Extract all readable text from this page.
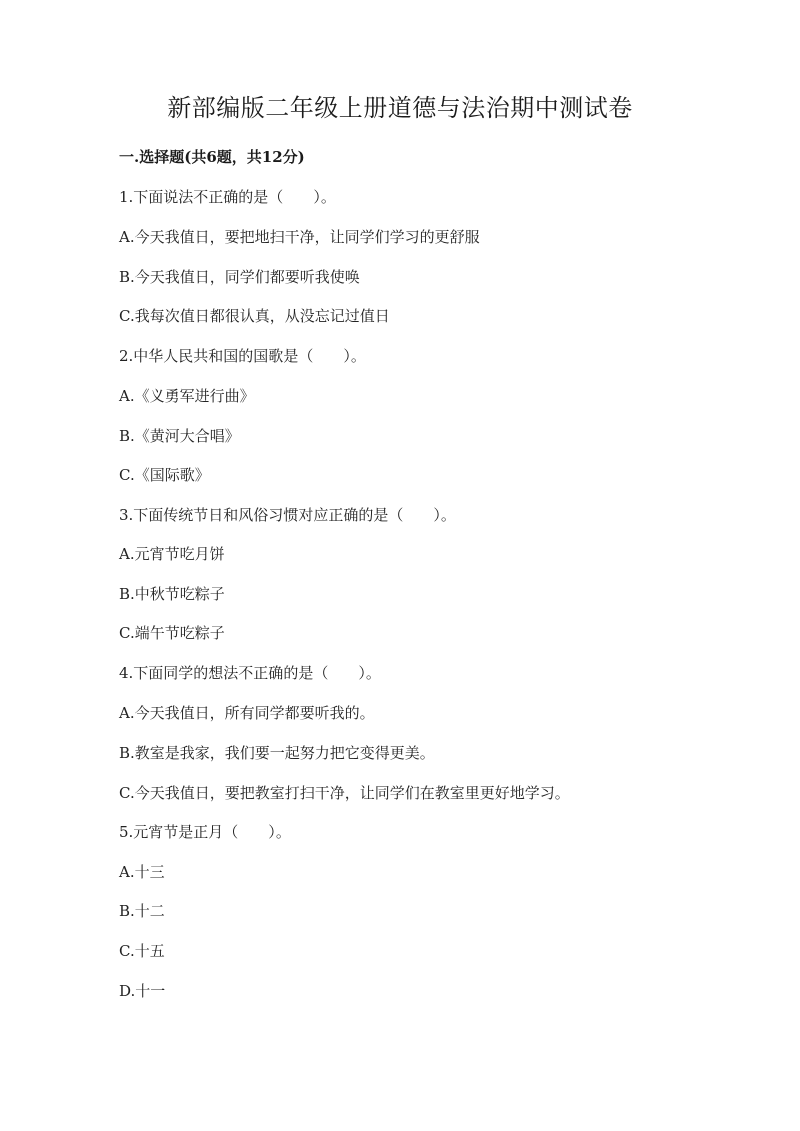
新部编版二年级上册道德与法治期中测试卷
一.选择题(共6题，共12分)
1.下面说法不正确的是（　　）。
A.今天我值日，要把地扫干净，让同学们学习的更舒服
B.今天我值日，同学们都要听我使唤
C.我每次值日都很认真，从没忘记过值日
2.中华人民共和国的国歌是（　　）。
A.《义勇军进行曲》
B.《黄河大合唱》
C.《国际歌》
3.下面传统节日和风俗习惯对应正确的是（　　）。
A.元宵节吃月饼
B.中秋节吃粽子
C.端午节吃粽子
4.下面同学的想法不正确的是（　　）。
A.今天我值日，所有同学都要听我的。
B.教室是我家，我们要一起努力把它变得更美。
C.今天我值日，要把教室打扫干净，让同学们在教室里更好地学习。
5.元宵节是正月（　　）。
A.十三
B.十二
C.十五
D.十一
